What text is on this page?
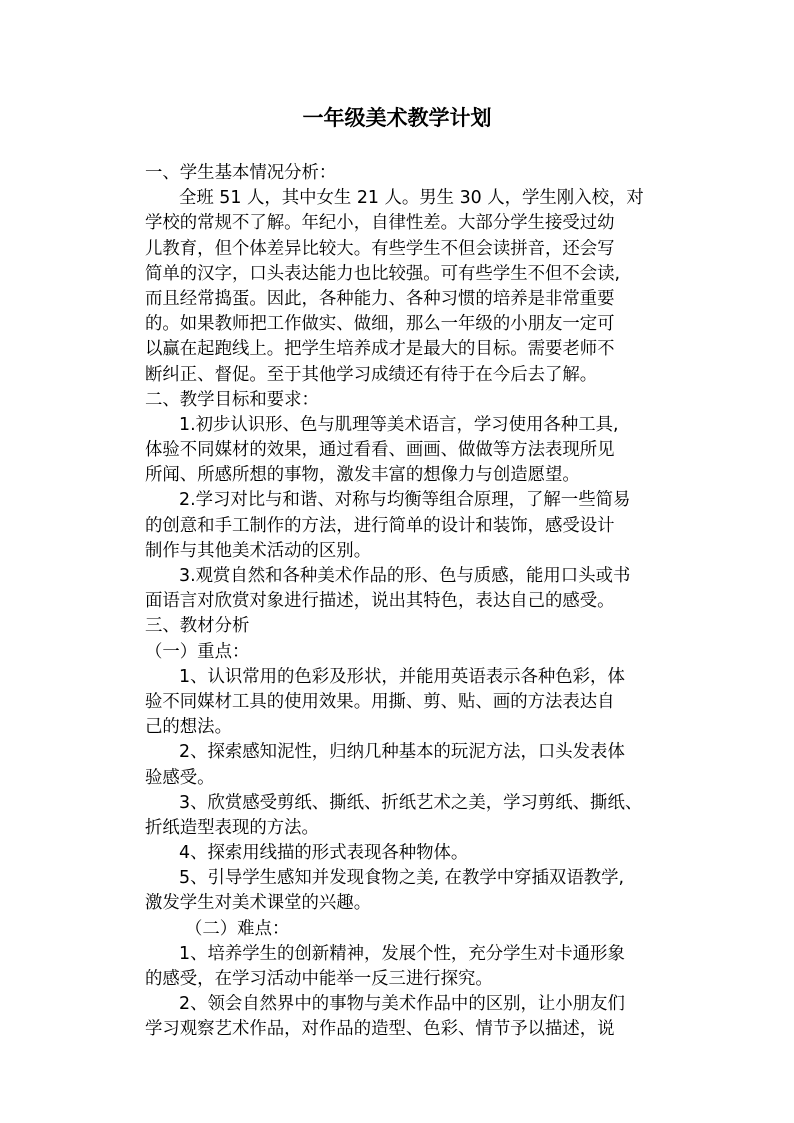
一年级美术教学计划
一、学生基本情况分析：
全班 51 人，其中女生 21 人。男生 30 人，学生刚入校，对
学校的常规不了解。年纪小，自律性差。大部分学生接受过幼
儿教育，但个体差异比较大。有些学生不但会读拼音，还会写
简单的汉字，口头表达能力也比较强。可有些学生不但不会读,
而且经常捣蛋。因此，各种能力、各种习惯的培养是非常重要
的。如果教师把工作做实、做细，那么一年级的小朋友一定可
以赢在起跑线上。把学生培养成才是最大的目标。需要老师不
断纠正、督促。至于其他学习成绩还有待于在今后去了解。
二、教学目标和要求：
1.初步认识形、色与肌理等美术语言，学习使用各种工具,
体验不同媒材的效果，通过看看、画画、做做等方法表现所见
所闻、所感所想的事物，激发丰富的想像力与创造愿望。
2.学习对比与和谐、对称与均衡等组合原理，了解一些简易
的创意和手工制作的方法，进行简单的设计和装饰，感受设计
制作与其他美术活动的区别。
3.观赏自然和各种美术作品的形、色与质感，能用口头或书
面语言对欣赏对象进行描述，说出其特色，表达自己的感受。
三、教材分析
（一）重点：
1、认识常用的色彩及形状，并能用英语表示各种色彩，体
验不同媒材工具的使用效果。用撕、剪、贴、画的方法表达自
己的想法。
2、探索感知泥性，归纳几种基本的玩泥方法，口头发表体
验感受。
3、欣赏感受剪纸、撕纸、折纸艺术之美，学习剪纸、撕纸、
折纸造型表现的方法。
4、探索用线描的形式表现各种物体。
5、引导学生感知并发现食物之美, 在教学中穿插双语教学,
激发学生对美术课堂的兴趣。
（二）难点：
1、培养学生的创新精神，发展个性，充分学生对卡通形象
的感受，在学习活动中能举一反三进行探究。
2、领会自然界中的事物与美术作品中的区别，让小朋友们
学习观察艺术作品，对作品的造型、色彩、情节予以描述，说
